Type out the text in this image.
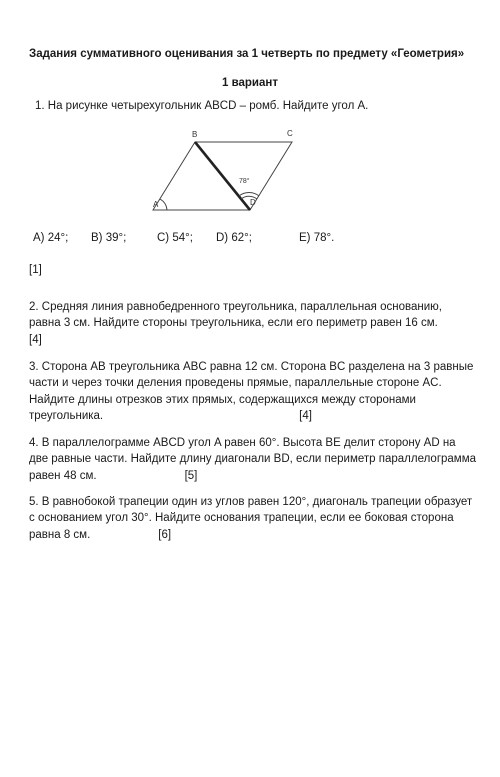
Задания суммативного оценивания за 1 четверть по предмету «Геометрия»
1 вариант
1. На рисунке четырехугольник ABCD – ромб. Найдите угол A.
B	C
A	D
78°
A) 24°; B) 39°;	C) 54°; D) 62°;	E) 78°.
[1]
2. Средняя линия равнобедренного треугольника, параллельная основанию,
равна 3 см. Найдите стороны треугольника, если его периметр равен 16 см.
[4]
3. Сторона AB треугольника ABC равна 12 см. Сторона BC разделена на 3 равные
части и через точки деления проведены прямые, параллельные стороне AC.
Найдите длины отрезков этих прямых, содержащихся между сторонами
треугольника.	[4]
4. В параллелограмме ABCD угол A равен 60°. Высота BE делит сторону AD на
две равные части. Найдите длину диагонали BD, если периметр параллелограмма
равен 48 см.	[5]
5. В равнобокой трапеции один из углов равен 120°, диагональ трапеции образует
с основанием угол 30°. Найдите основания трапеции, если ее боковая сторона
равна 8 см.	[6]
